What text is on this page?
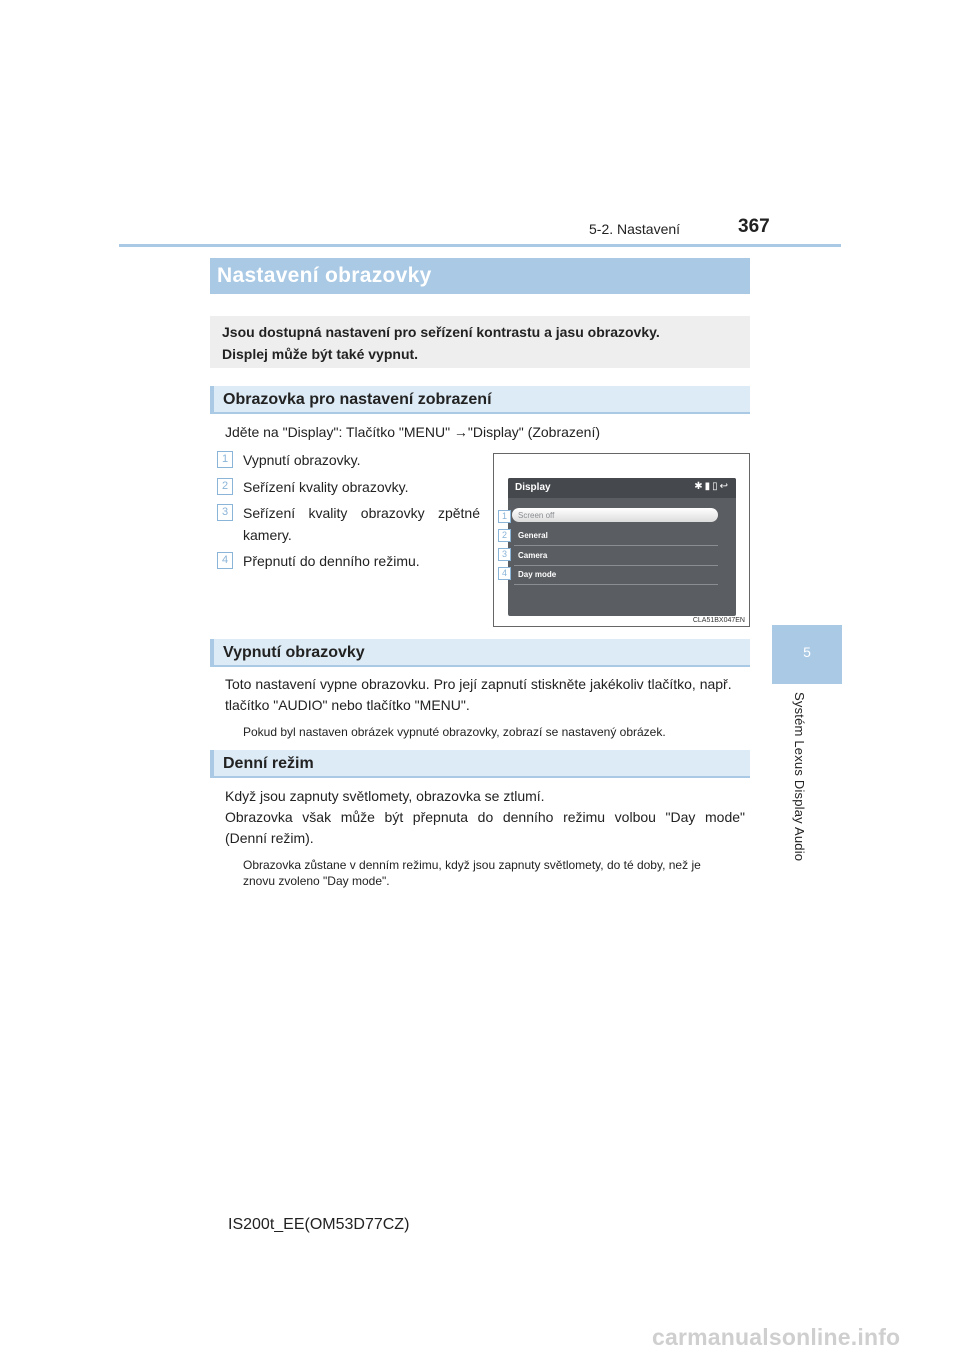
5-2. Nastavení	367
5
Systém Lexus Display Audio
Nastavení obrazovky
Jsou dostupná nastavení pro seřízení kontrastu a jasu obrazovky.
Displej může být také vypnut.
Obrazovka pro nastavení zobrazení
Jděte na "Display": Tlačítko "MENU" →"Display" (Zobrazení)
1	Vypnutí obrazovky.
2	Seřízení kvality obrazovky.
3	Seřízení kvality obrazovky zpětné
kamery.
4	Přepnutí do denního režimu.
Display	✱▮▯↩
Screen off
General
Camera
Day mode
1
2
3
4
CLA51BX047EN
Vypnutí obrazovky
Toto nastavení vypne obrazovku. Pro její zapnutí stiskněte jakékoliv tlačítko, např.
tlačítko "AUDIO" nebo tlačítko "MENU".
Pokud byl nastaven obrázek vypnuté obrazovky, zobrazí se nastavený obrázek.
Denní režim
Když jsou zapnuty světlomety, obrazovka se ztlumí.
Obrazovka však může být přepnuta do denního režimu volbou "Day mode"
(Denní režim).
Obrazovka zůstane v denním režimu, když jsou zapnuty světlomety, do té doby, než je
znovu zvoleno "Day mode".
IS200t_EE(OM53D77CZ)
carmanualsonline.info
